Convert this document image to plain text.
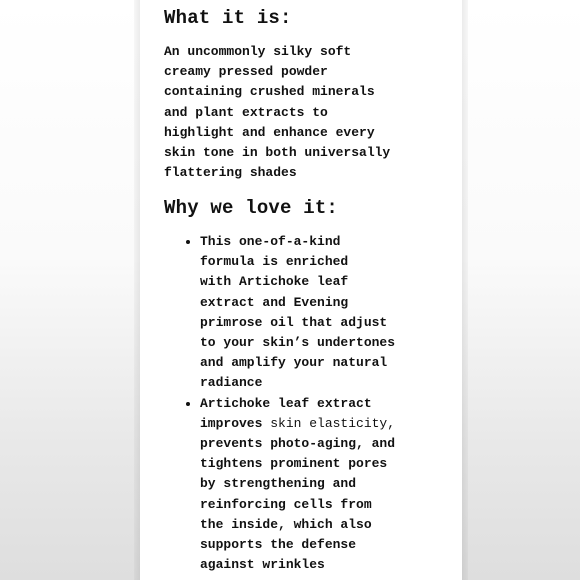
What it is:

An uncommonly silky soft
creamy pressed powder
containing crushed minerals
and plant extracts to
highlight and enhance every
skin tone in both universally
flattering shades

Why we love it:
This one-of-a-kind
formula is enriched
with Artichoke leaf
extract and Evening
primrose oil that adjust
to your skin’s undertones
and amplify your natural
radiance
Artichoke leaf extract
improves skin elasticity,
prevents photo-aging, and
tightens prominent pores
by strengthening and
reinforcing cells from
the inside, which also
supports the defense
against wrinkles
